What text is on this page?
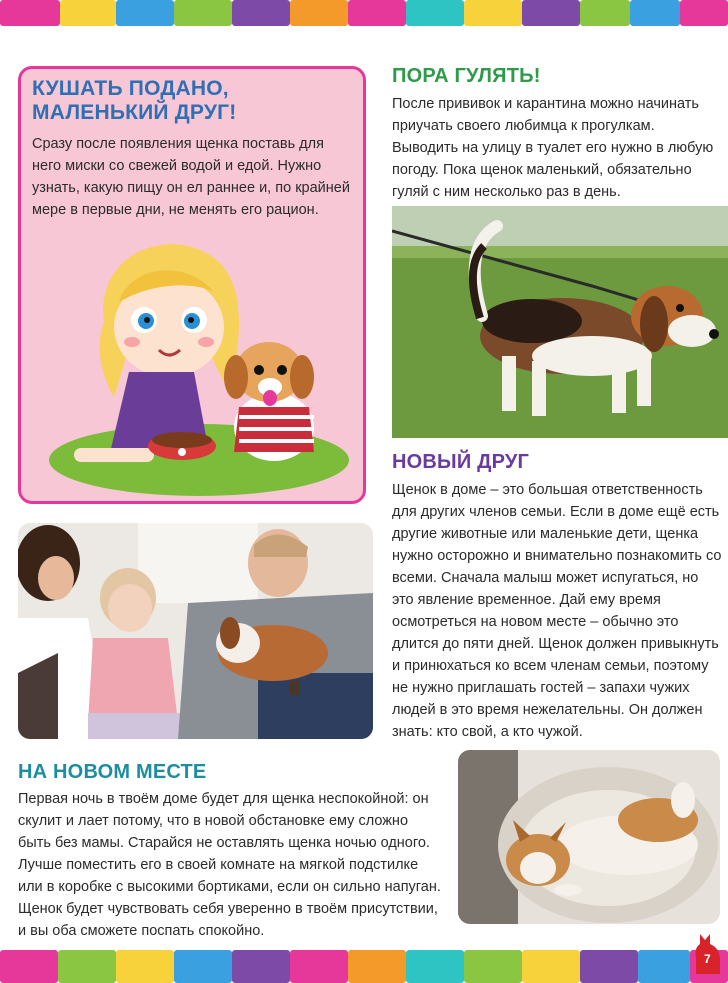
КУШАТЬ ПОДАНО,
МАЛЕНЬКИЙ ДРУГ!

Сразу после появления щенка поставь для него миски со свежей водой и едой. Нужно узнать, какую пищу он ел раннее и, по крайней мере в первые дни, не менять его рацион.

ПОРА ГУЛЯТЬ!

После прививок и карантина можно начинать приучать своего любимца к прогулкам. Выводить на улицу в туалет его нужно в любую погоду. Пока щенок маленький, обязательно гуляй с ним несколько раз в день.

НОВЫЙ ДРУГ

Щенок в доме – это большая ответственность для других членов семьи. Если в доме ещё есть другие животные или маленькие дети, щенка нужно осторожно и внимательно познакомить со всеми. Сначала малыш может испугаться, но это явление временное. Дай ему время осмотреться на новом месте – обычно это длится до пяти дней. Щенок должен привыкнуть и принюхаться ко всем членам семьи, поэтому не нужно приглашать гостей – запахи чужих людей в это время нежелательны. Он должен знать: кто свой, а кто чужой.

НА НОВОМ МЕСТЕ

Первая ночь в твоём доме будет для щенка неспокойной: он скулит и лает потому, что в новой обстановке ему сложно быть без мамы. Старайся не оставлять щенка ночью одного. Лучше поместить его в своей комнате на мягкой подстилке или в коробке с высокими бортиками, если он сильно напуган. Щенок будет чувствовать себя уверенно в твоём присутствии, и вы оба сможете поспать спокойно.

7
